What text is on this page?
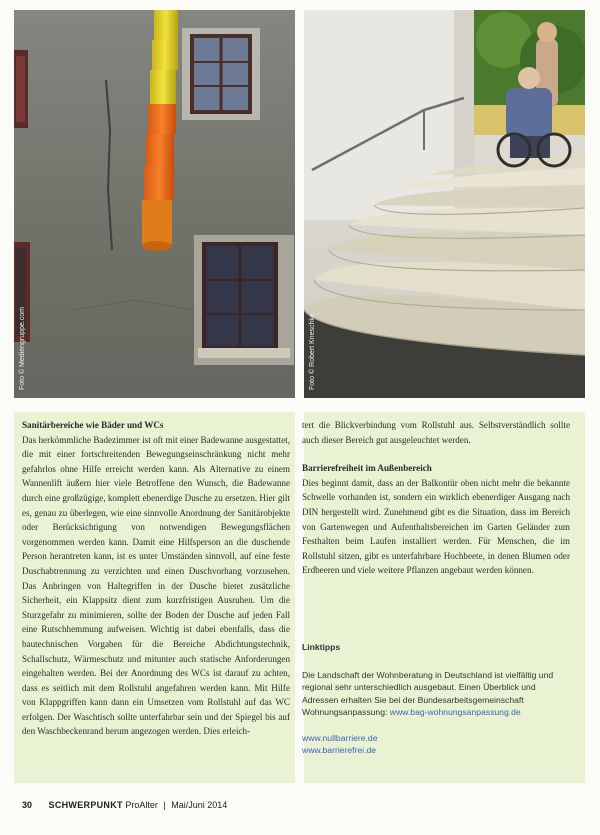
Foto © Mediengruppe.com	Foto © Robert Kneschke
Sanitärbereiche wie Bäder und WCs

Das herkömmliche Badezimmer ist oft mit einer Badewanne ausgestattet, die mit einer fortschreitenden Bewegungseinschränkung nicht mehr gefahrlos ohne Hilfe erreicht werden kann. Als Alternative zu einem Wannenlift äußern hier viele Betroffene den Wunsch, die Badewanne durch eine großzügige, komplett ebenerdige Dusche zu ersetzen. Hier gilt es, genau zu überlegen, wie eine sinnvolle Anordnung der Sanitärobjekte oder Berücksichtigung von notwendigen Bewegungsflächen vorgenommen werden kann. Damit eine Hilfsperson an die duschende Person herantreten kann, ist es unter Umständen sinnvoll, auf eine feste Duschabtrennung zu verzichten und einen Duschvorhang vorzusehen. Das Anbringen von Haltegriffen in der Dusche bietet zusätzliche Sicherheit, ein Klappsitz dient zum kurzfristigen Ausruhen. Um die Sturzgefahr zu minimieren, sollte der Boden der Dusche auf jeden Fall eine Rutschhemmung aufweisen. Wichtig ist dabei ebenfalls, dass die bautechnischen Vorgaben für die Bereiche Abdichtungstechnik, Schallschutz, Wärmeschutz und mitunter auch statische Anforderungen eingehalten werden. Bei der Anordnung des WCs ist darauf zu achten, dass es seitlich mit dem Rollstuhl angefahren werden kann. Mit Hilfe von Klappgriffen kann dann ein Umsetzen vom Rollstuhl auf das WC erfolgen. Der Waschtisch sollte unterfahrbar sein und der Spiegel bis auf den Waschbeckenrand herum angezogen werden. Dies erleich-

tert die Blickverbindung vom Rollstuhl aus. Selbstverständlich sollte auch dieser Bereich gut ausgeleuchtet werden.

Barrierefreiheit im Außenbereich

Dies beginnt damit, dass an der Balkontür oben nicht mehr die bekannte Schwelle vorhanden ist, sondern ein wirklich ebenerdiger Ausgang nach DIN hergestellt wird. Zunehmend gibt es die Situation, dass im Bereich von Gartenwegen und Aufenthaltsbereichen im Garten Geländer zum Festhalten beim Laufen installiert werden. Für Menschen, die im Rollstuhl sitzen, gibt es unterfahrbare Hochbeete, in denen Blumen oder Erdbeeren und viele weitere Pflanzen angebaut werden können.

Linktipps
Die Landschaft der Wohnberatung in Deutschland ist vielfältig und regional sehr unterschiedlich ausgebaut. Einen Überblick und Adressen erhalten Sie bei der Bundesarbeitsgemeinschaft Wohnungsanpassung: www.bag-wohnungsanpassung.de
www.nullbarriere.de
www.barrierefrei.de
30 SCHWERPUNKT ProAlter | Mai/Juni 2014
